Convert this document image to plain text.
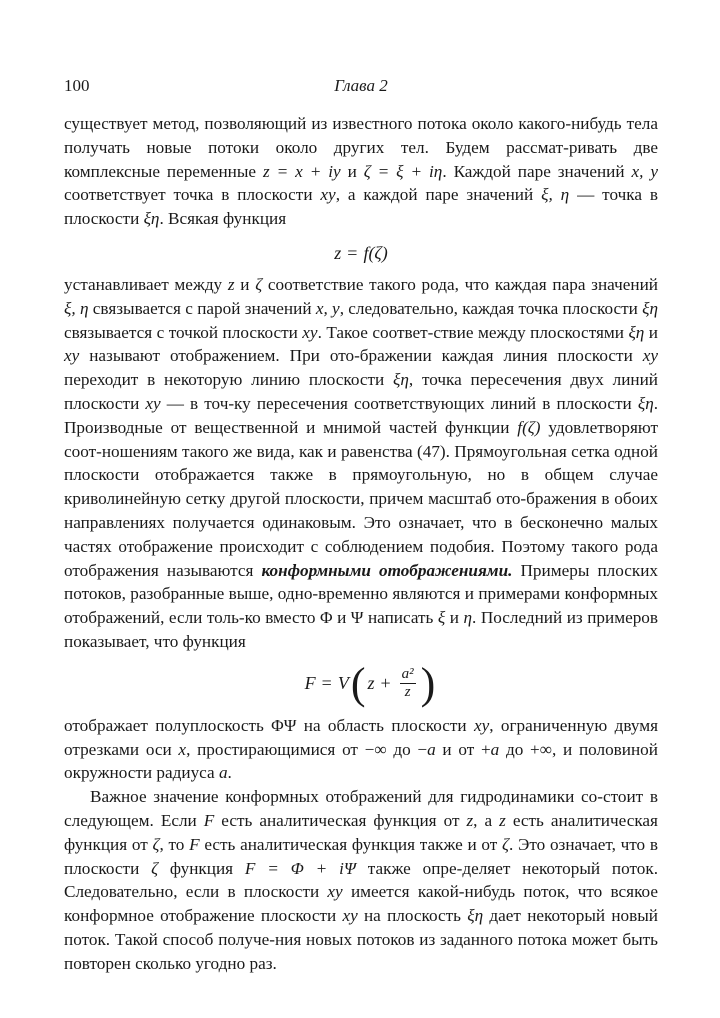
100	Глава 2

существует метод, позволяющий из известного потока около какого-нибудь тела получать новые потоки около других тел. Будем рассмат-ривать две комплексные переменные z = x + iy и ζ = ξ + iη. Каждой паре значений x, y соответствует точка в плоскости xy, а каждой паре значений ξ, η — точка в плоскости ξη. Всякая функция

z = f(ζ)

устанавливает между z и ζ соответствие такого рода, что каждая пара значений ξ, η связывается с парой значений x, y, следовательно, каждая точка плоскости ξη связывается с точкой плоскости xy. Такое соответ-ствие между плоскостями ξη и xy называют отображением. При ото-бражении каждая линия плоскости xy переходит в некоторую линию плоскости ξη, точка пересечения двух линий плоскости xy — в точ-ку пересечения соответствующих линий в плоскости ξη. Производные от вещественной и мнимой частей функции f(ζ) удовлетворяют соот-ношениям такого же вида, как и равенства (47). Прямоугольная сетка одной плоскости отображается также в прямоугольную, но в общем случае криволинейную сетку другой плоскости, причем масштаб ото-бражения в обоих направлениях получается одинаковым. Это означает, что в бесконечно малых частях отображение происходит с соблюдением подобия. Поэтому такого рода отображения называются конформными отображениями. Примеры плоских потоков, разобранные выше, одно-временно являются и примерами конформных отображений, если толь-ко вместо Φ и Ψ написать ξ и η. Последний из примеров показывает, что функция

F = V ( $z + \frac{\text{a²}}{z}$ )

отображает полуплоскость ΦΨ на область плоскости xy, ограниченную двумя отрезками оси x, простирающимися от −∞ до −a и от +a до +∞, и половиной окружности радиуса a.

Важное значение конформных отображений для гидродинамики со-стоит в следующем. Если F есть аналитическая функция от z, а z есть аналитическая функция от ζ, то F есть аналитическая функция также и от ζ. Это означает, что в плоскости ζ функция F = Φ + iΨ также опре-деляет некоторый поток. Следовательно, если в плоскости xy имеется какой-нибудь поток, что всякое конформное отображение плоскости xy на плоскость ξη дает некоторый новый поток. Такой способ получе-ния новых потоков из заданного потока может быть повторен сколько угодно раз.
